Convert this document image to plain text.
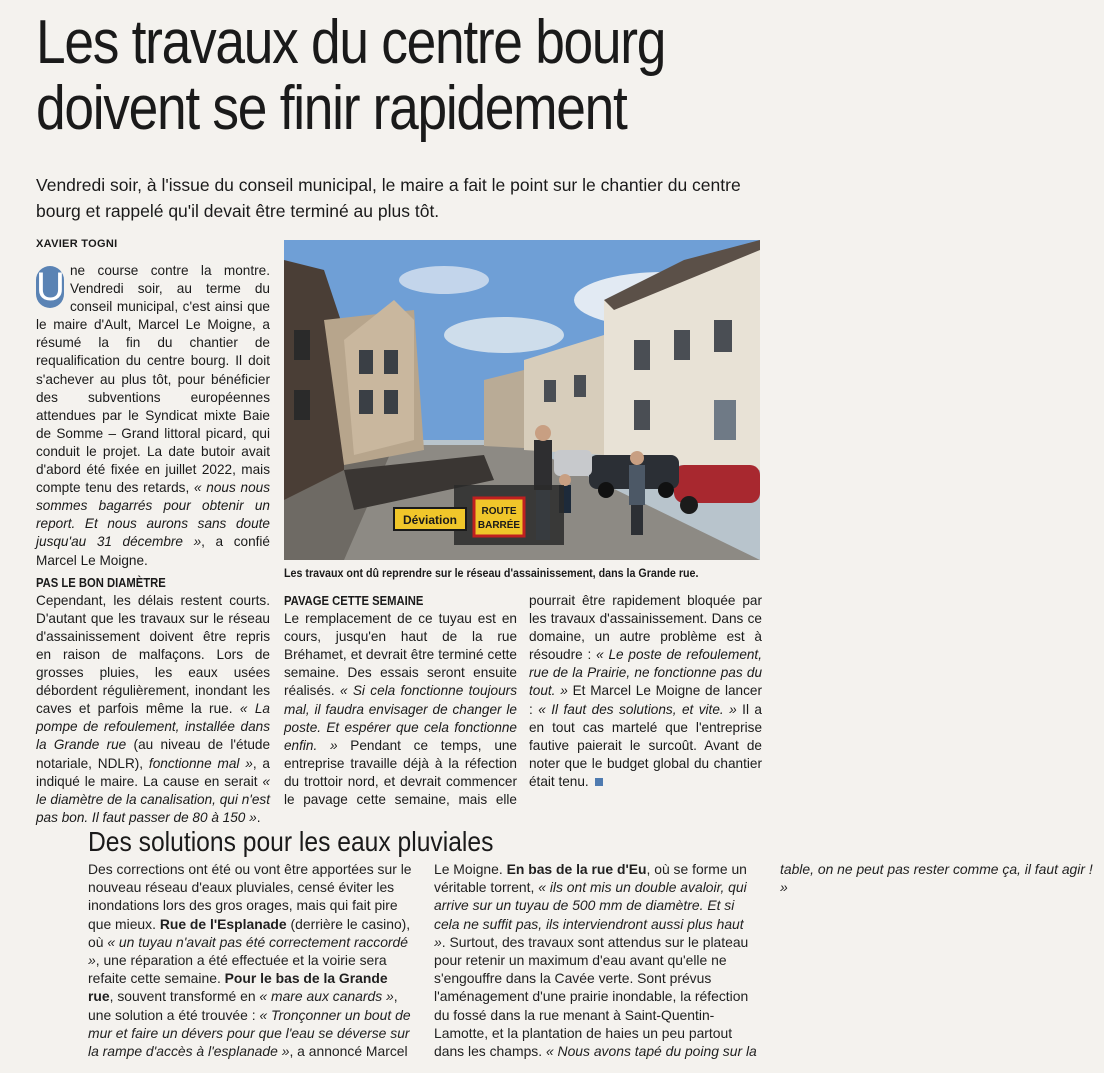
Les travaux du centre bourg
doivent se finir rapidement

Vendredi soir, à l'issue du conseil municipal, le maire a fait le point sur le chantier du centre bourg et rappelé qu'il devait être terminé au plus tôt.

XAVIER TOGNI
Déviation
ROUTE
BARRÉE
Les travaux ont dû reprendre sur le réseau d'assainissement, dans la Grande rue.

U ne course contre la montre. Vendredi soir, au terme du conseil municipal, c'est ainsi que le maire d'Ault, Marcel Le Moigne, a résumé la fin du chantier de requalification du centre bourg. Il doit s'achever au plus tôt, pour bénéficier des subventions européennes attendues par le Syndicat mixte Baie de Somme – Grand littoral picard, qui conduit le projet. La date butoir avait d'abord été fixée en juillet 2022, mais compte tenu des retards, « nous nous sommes bagarrés pour obtenir un report. Et nous aurons sans doute jusqu'au 31 décembre », a confié Marcel Le Moigne.

PAS LE BON DIAMÈTRE

Cependant, les délais restent courts. D'autant que les travaux sur le réseau d'assainissement doivent être repris en raison de malfaçons. Lors de grosses pluies, les eaux usées débordent régulièrement, inondant les caves et parfois même la rue. « La pompe de refoulement, installée dans la Grande rue (au niveau de l'étude notariale, NDLR), fonctionne mal », a indiqué le maire. La cause en serait « le diamètre de la canalisation, qui n'est pas bon. Il faut passer de 80 à 150 ».

PAVAGE CETTE SEMAINE

Le remplacement de ce tuyau est en cours, jusqu'en haut de la rue Bréhamet, et devrait être terminé cette semaine. Des essais seront ensuite réalisés. « Si cela fonctionne toujours mal, il faudra envisager de changer le poste. Et espérer que cela fonctionne enfin. » Pendant ce temps, une entreprise travaille déjà à la réfection du trottoir nord, et devrait commencer le pavage cette semaine, mais elle pourrait être rapidement bloquée par les travaux d'assainissement. Dans ce domaine, un autre problème est à résoudre : « Le poste de refoulement, rue de la Prairie, ne fonctionne pas du tout. » Et Marcel Le Moigne de lancer : « Il faut des solutions, et vite. » Il a en tout cas martelé que l'entreprise fautive paierait le surcoût. Avant de noter que le budget global du chantier était tenu.

Des solutions pour les eaux pluviales

Des corrections ont été ou vont être apportées sur le nouveau réseau d'eaux pluviales, censé éviter les inondations lors des gros orages, mais qui fait pire que mieux. Rue de l'Esplanade (derrière le casino), où « un tuyau n'avait pas été correctement raccordé », une réparation a été effectuée et la voirie sera refaite cette semaine. Pour le bas de la Grande rue, souvent transformé en « mare aux canards », une solution a été trouvée : « Tronçonner un bout de mur et faire un dévers pour que l'eau se déverse sur la rampe d'accès à l'esplanade », a annoncé Marcel Le Moigne. En bas de la rue d'Eu, où se forme un véritable torrent, « ils ont mis un double avaloir, qui arrive sur un tuyau de 500 mm de diamètre. Et si cela ne suffit pas, ils interviendront aussi plus haut ». Surtout, des travaux sont attendus sur le plateau pour retenir un maximum d'eau avant qu'elle ne s'engouffre dans la Cavée verte. Sont prévus l'aménagement d'une prairie inondable, la réfection du fossé dans la rue menant à Saint-Quentin-Lamotte, et la plantation de haies un peu partout dans les champs. « Nous avons tapé du poing sur la table, on ne peut pas rester comme ça, il faut agir ! »
